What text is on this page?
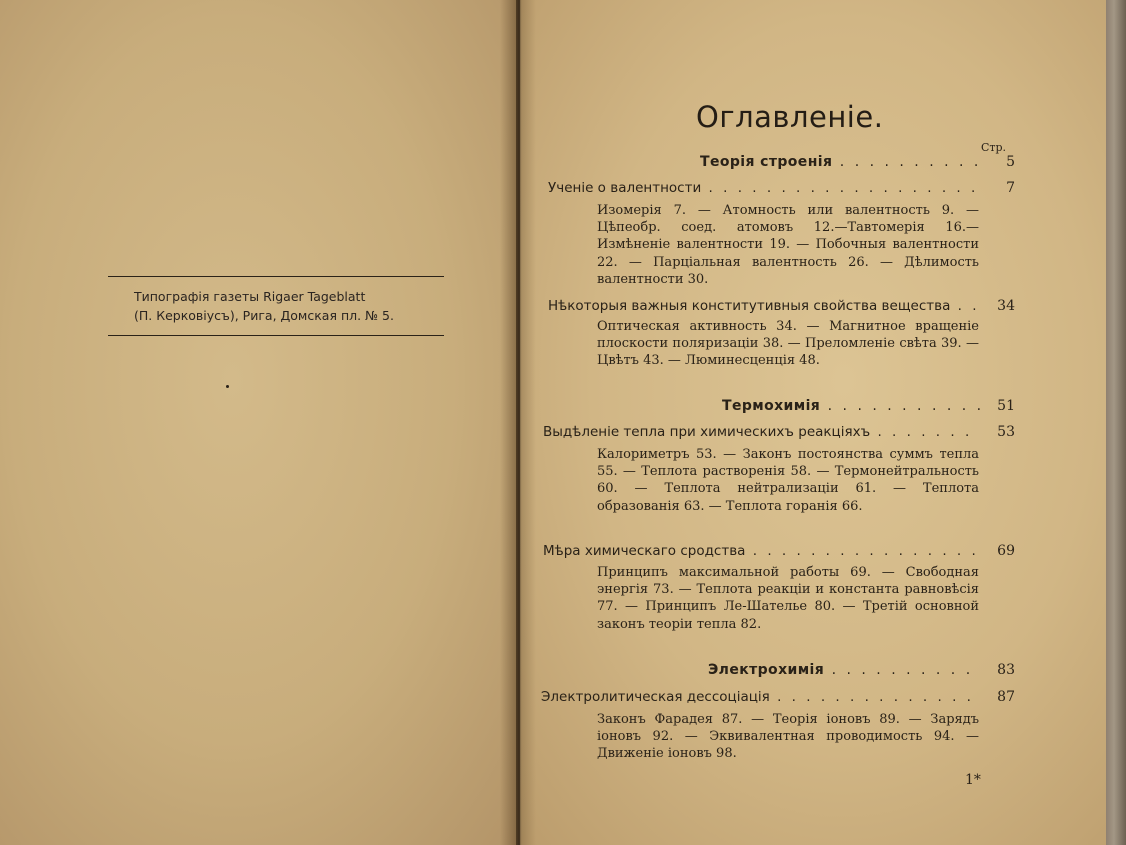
Типографія газеты Rigaer Tageblatt
(П. Керковіусъ), Рига, Домская пл. № 5.
Оглавленіе.
Стр.
Теорія строенія . . .	5
Ученіе о валентности . . .	7
Изомерія 7. — Атомность или валентность 9. — Цѣпеобр. соед. атомовъ 12.—Тавтомерія 16.— Измѣненіе валентности 19. — Побочныя валентности 22. — Парціальная валентность 26. — Дѣлимость валентности 30.
Нѣкоторыя важныя конститутивныя свойства вещества . . .	34
Оптическая активность 34. — Магнитное вращеніе плоскости поляризаціи 38. — Преломленіе свѣта 39. — Цвѣтъ 43. — Люминесценція 48.
Термохимія . . .	51
Выдѣленіе тепла при химическихъ реакціяхъ . . .	53
Калориметръ 53. — Законъ постоянства суммъ тепла 55. — Теплота растворенія 58. — Термонейтральность 60. — Теплота нейтрализаціи 61. — Теплота образованія 63. — Теплота горанія 66.
Мѣра химическаго сродства . . .	69
Принципъ максимальной работы 69. — Свободная энергія 73. — Теплота реакціи и константа равновѣсія 77. — Принципъ Ле-Шателье 80. — Третій основной законъ теоріи тепла 82.
Электрохимія . . .	83
Электролитическая дессоціація . . .	87
Законъ Фарадея 87. — Теорія іоновъ 89. — Зарядъ іоновъ 92. — Эквивалентная проводимость 94. — Движеніе іоновъ 98.
1*
